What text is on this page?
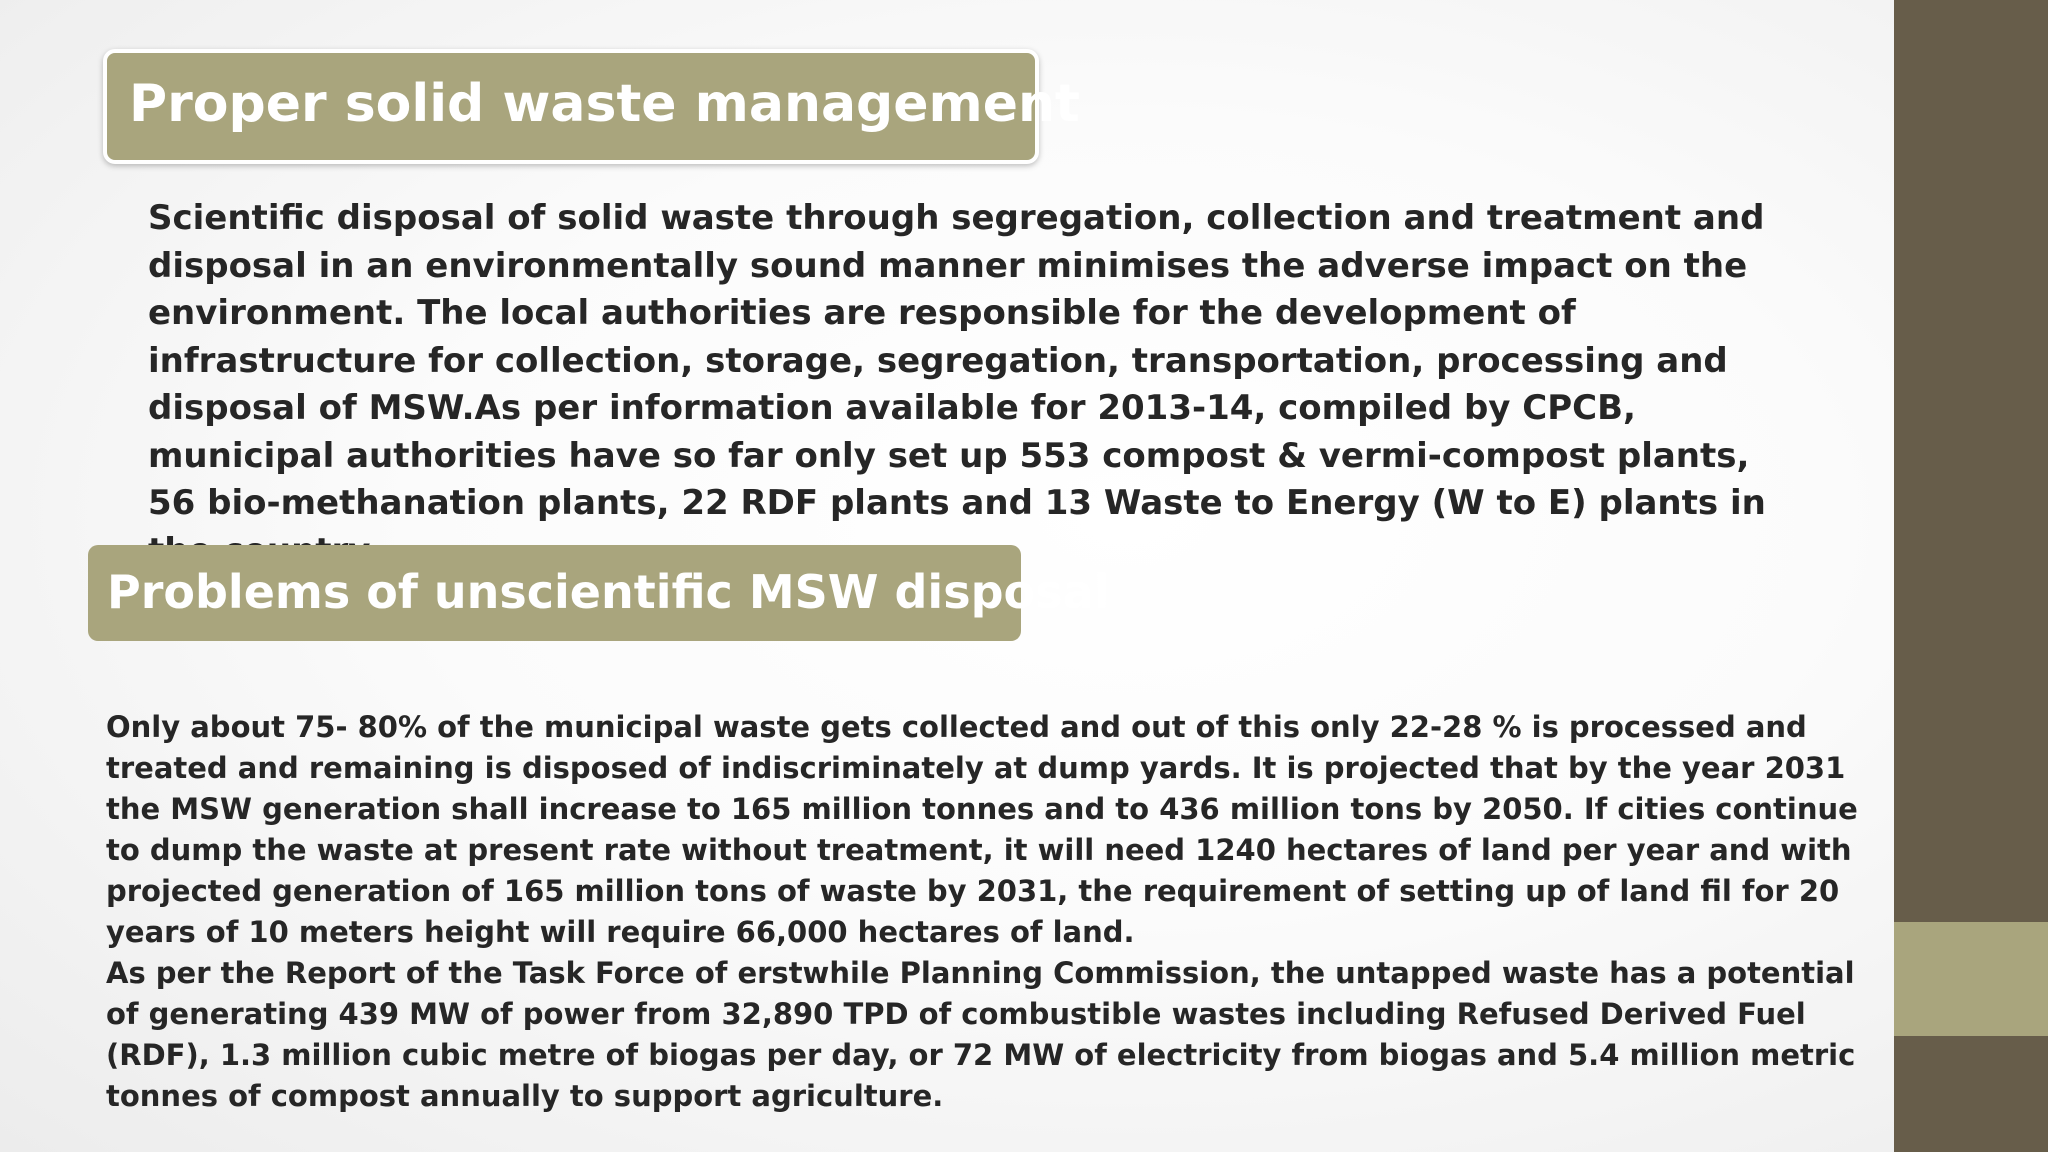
Proper solid waste management

Scientific disposal of solid waste through segregation, collection and treatment and disposal in an environmentally sound manner minimises the adverse impact on the environment. The local authorities are responsible for the development of infrastructure for collection, storage, segregation, transportation, processing and disposal of MSW.As per information available for 2013-14, compiled by CPCB, municipal authorities have so far only set up 553 compost & vermi-compost plants, 56 bio-methanation plants, 22 RDF plants and 13 Waste to Energy (W to E) plants in

Problems of unscientific MSW disposal

Only about 75- 80% of the municipal waste gets collected and out of this only 22-28 % is processed and treated and remaining is disposed of indiscriminately at dump yards. It is projected that by the year 2031 the MSW generation shall increase to 165 million tonnes and to 436 million tons by 2050. If cities continue to dump the waste at present rate without treatment, it will need 1240 hectares of land per year and with projected generation of 165 million tons of waste by 2031, the requirement of setting up of land fil for 20 years of 10 meters height will require 66,000 hectares of land.

As per the Report of the Task Force of erstwhile Planning Commission, the untapped waste has a potential of generating 439 MW of power from 32,890 TPD of combustible wastes including Refused Derived Fuel (RDF), 1.3 million cubic metre of biogas per day, or 72 MW of electricity from biogas and 5.4 million metric tonnes of compost annually to support agriculture.
